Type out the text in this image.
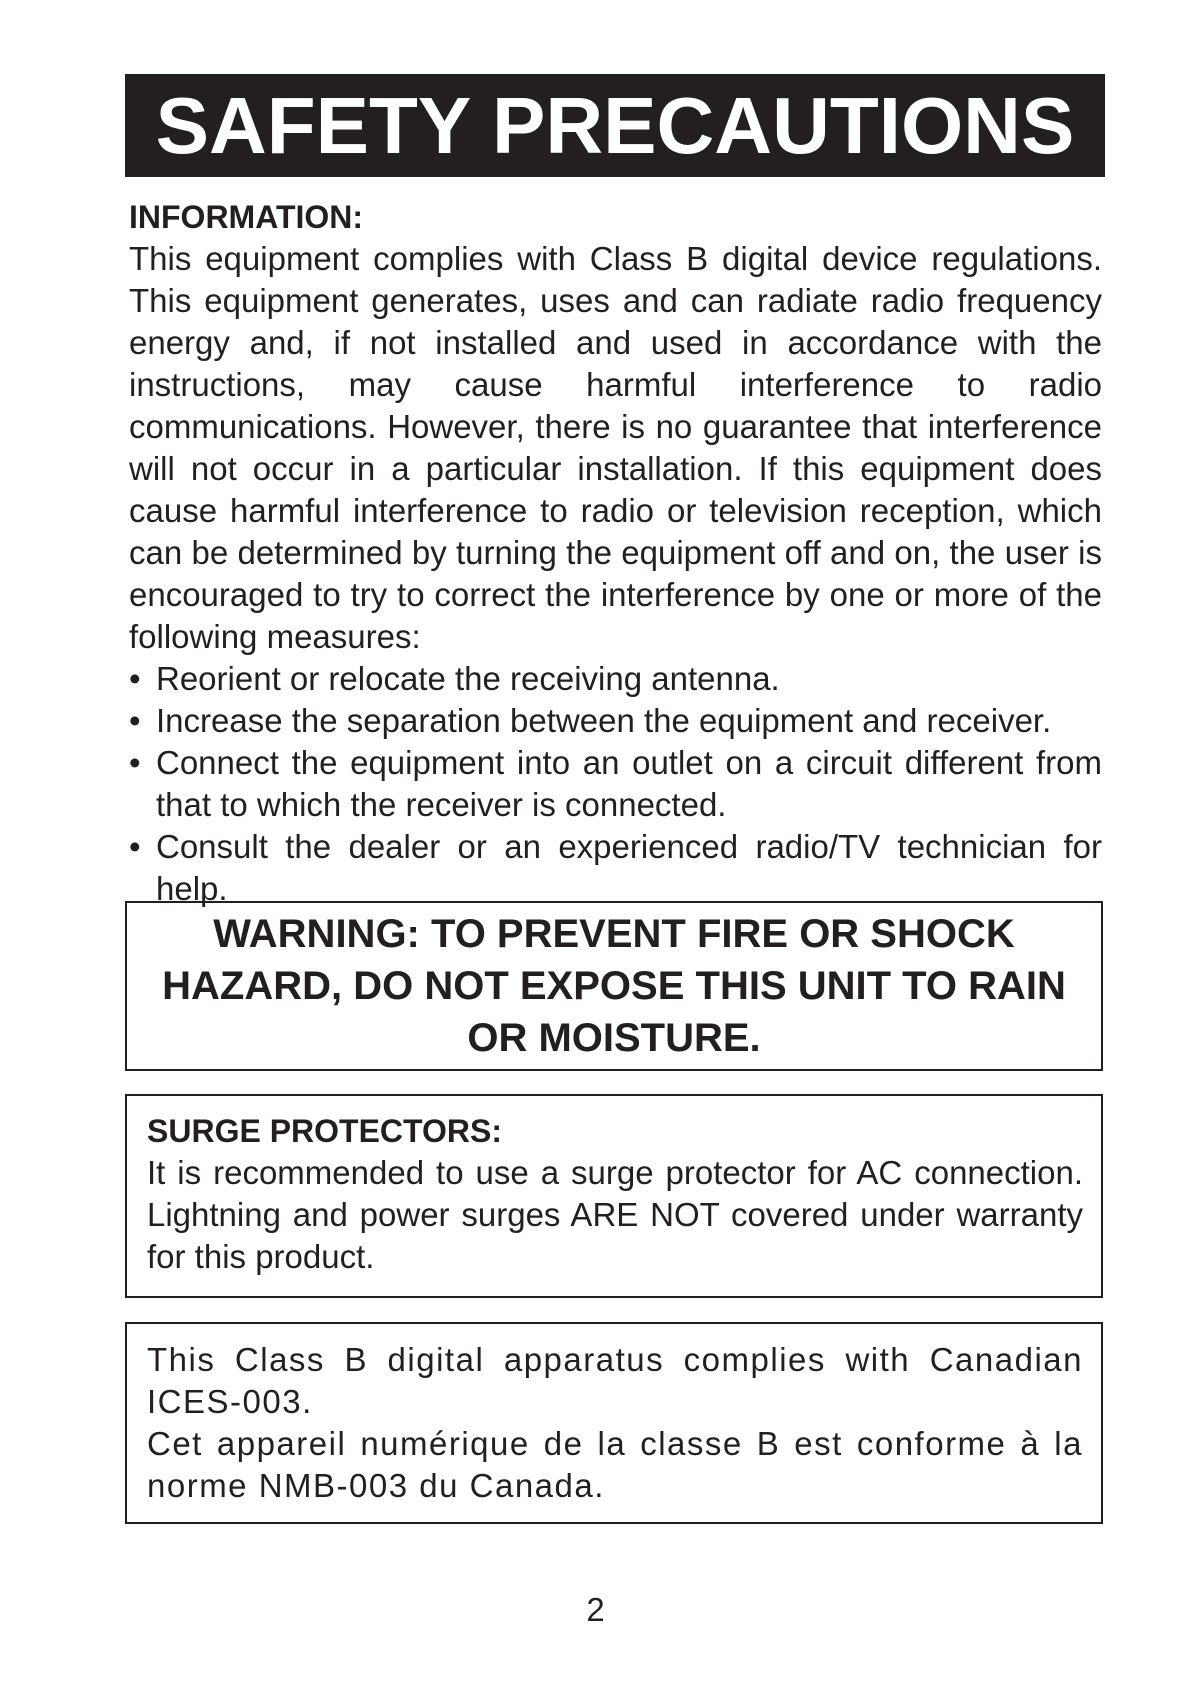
SAFETY PRECAUTIONS
INFORMATION:

This equipment complies with Class B digital device regulations. This equipment generates, uses and can radiate radio frequency energy and, if not installed and used in accordance with the instructions, may cause harmful interference to radio communications. However, there is no guarantee that interference will not occur in a particular installation. If this equipment does cause harmful interference to radio or television reception, which can be determined by turning the equipment off and on, the user is encouraged to try to correct the interference by one or more of the following measures:

• Reorient or relocate the receiving antenna.
• Increase the separation between the equipment and receiver.
• Connect the equipment into an outlet on a circuit different from that to which the receiver is connected.
• Consult the dealer or an experienced radio/TV technician for help.
WARNING: TO PREVENT FIRE OR SHOCK HAZARD, DO NOT EXPOSE THIS UNIT TO RAIN OR MOISTURE.
SURGE PROTECTORS:
It is recommended to use a surge protector for AC connection. Lightning and power surges ARE NOT covered under warranty for this product.
This Class B digital apparatus complies with Canadian ICES-003.
Cet appareil numérique de la classe B est conforme à la norme NMB-003 du Canada.
2
